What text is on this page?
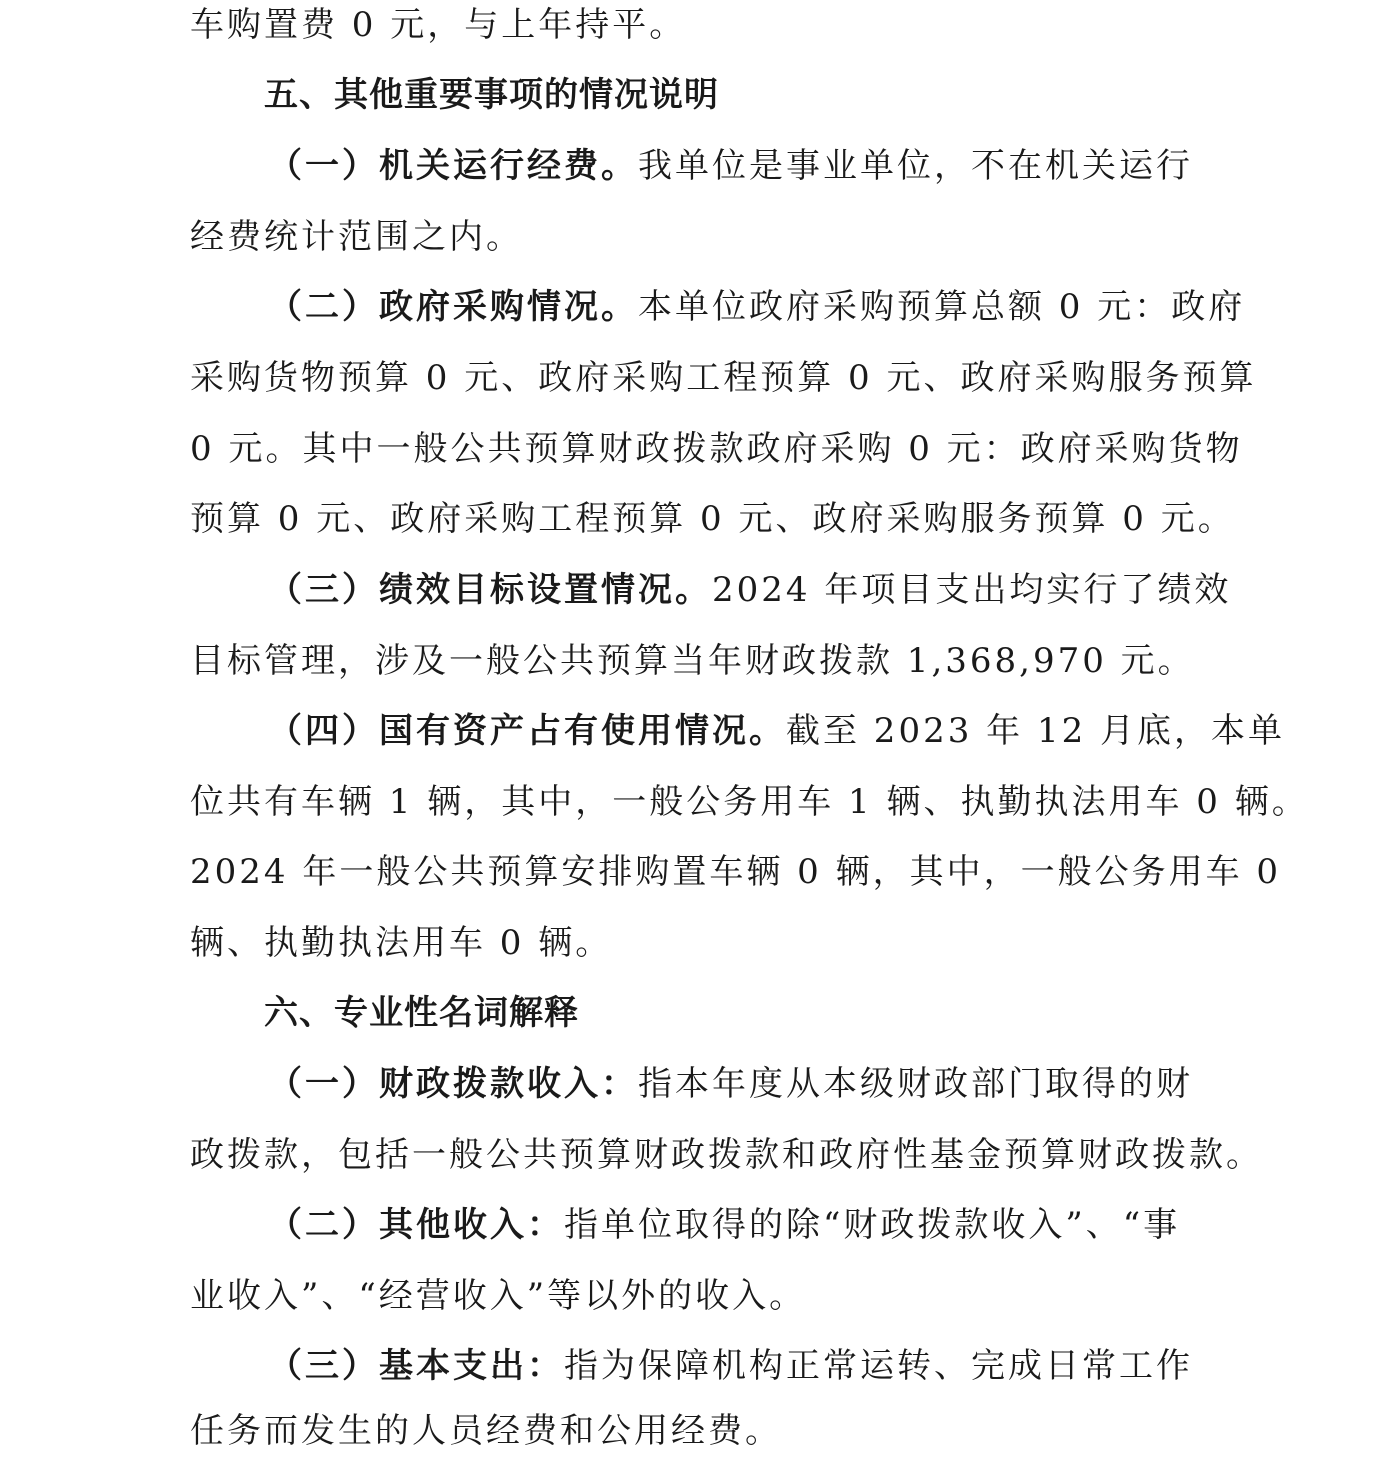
车购置费 0 元，与上年持平。
五、其他重要事项的情况说明
（一）机关运行经费。我单位是事业单位，不在机关运行
经费统计范围之内。
（二）政府采购情况。本单位政府采购预算总额 0 元：政府
采购货物预算 0 元、政府采购工程预算 0 元、政府采购服务预算
0 元。其中一般公共预算财政拨款政府采购 0 元：政府采购货物
预算 0 元、政府采购工程预算 0 元、政府采购服务预算 0 元。
（三）绩效目标设置情况。2024 年项目支出均实行了绩效
目标管理，涉及一般公共预算当年财政拨款 1,368,970 元。
（四）国有资产占有使用情况。截至 2023 年 12 月底，本单
位共有车辆 1 辆，其中，一般公务用车 1 辆、执勤执法用车 0 辆。
2024 年一般公共预算安排购置车辆 0 辆，其中，一般公务用车 0
辆、执勤执法用车 0 辆。
六、专业性名词解释
（一）财政拨款收入：指本年度从本级财政部门取得的财
政拨款，包括一般公共预算财政拨款和政府性基金预算财政拨款。
（二）其他收入：指单位取得的除“财政拨款收入”、“事
业收入”、“经营收入”等以外的收入。
（三）基本支出：指为保障机构正常运转、完成日常工作
任务而发生的人员经费和公用经费。
